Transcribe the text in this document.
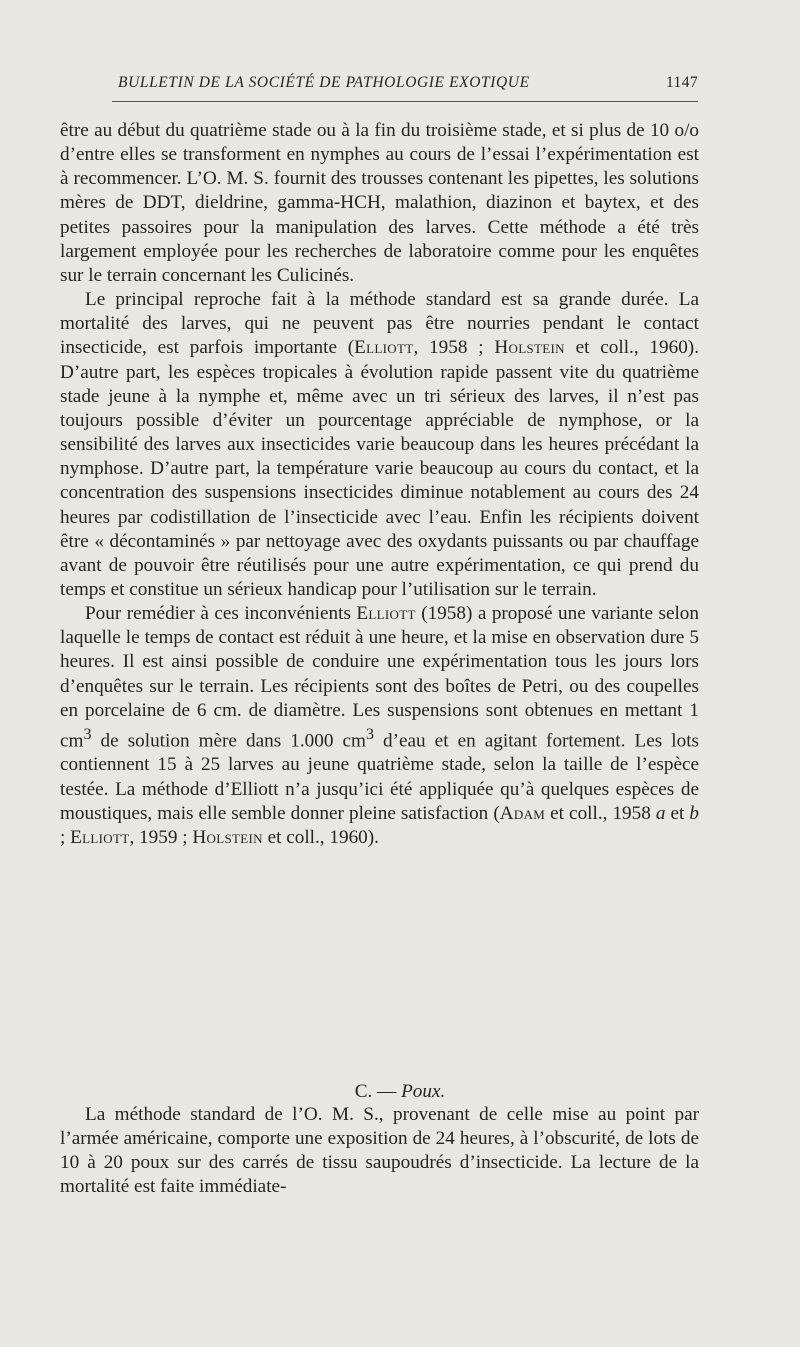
BULLETIN DE LA SOCIÉTÉ DE PATHOLOGIE EXOTIQUE	1147

être au début du quatrième stade ou à la fin du troisième stade, et si plus de 10 o/o d’entre elles se transforment en nymphes au cours de l’essai l’expérimentation est à recommencer. L’O. M. S. fournit des trousses contenant les pipettes, les solutions mères de DDT, dieldrine, gamma-HCH, malathion, diazinon et baytex, et des petites passoires pour la manipulation des larves. Cette méthode a été très largement employée pour les recherches de laboratoire comme pour les enquêtes sur le terrain concernant les Culicinés.

Le principal reproche fait à la méthode standard est sa grande durée. La mortalité des larves, qui ne peuvent pas être nourries pendant le contact insecticide, est parfois importante (Elliott, 1958 ; Holstein et coll., 1960). D’autre part, les espèces tropicales à évolution rapide passent vite du quatrième stade jeune à la nymphe et, même avec un tri sérieux des larves, il n’est pas toujours possible d’éviter un pourcentage appréciable de nymphose, or la sensibilité des larves aux insecticides varie beaucoup dans les heures précédant la nymphose. D’autre part, la température varie beaucoup au cours du contact, et la concentration des suspensions insecticides diminue notablement au cours des 24 heures par codistillation de l’insecticide avec l’eau. Enfin les récipients doivent être « décontaminés » par nettoyage avec des oxydants puissants ou par chauffage avant de pouvoir être réutilisés pour une autre expérimentation, ce qui prend du temps et constitue un sérieux handicap pour l’utilisation sur le terrain.

Pour remédier à ces inconvénients Elliott (1958) a proposé une variante selon laquelle le temps de contact est réduit à une heure, et la mise en observation dure 5 heures. Il est ainsi possible de conduire une expérimentation tous les jours lors d’enquêtes sur le terrain. Les récipients sont des boîtes de Petri, ou des coupelles en porcelaine de 6 cm. de diamètre. Les suspensions sont obtenues en mettant 1 $cm^3$ de solution mère dans 1.000 $cm^3$ d’eau et en agitant fortement. Les lots contiennent 15 à 25 larves au jeune quatrième stade, selon la taille de l’espèce testée. La méthode d’Elliott n’a jusqu’ici été appliquée qu’à quelques espèces de moustiques, mais elle semble donner pleine satisfaction (Adam et coll., 1958 a et b ; Elliott, 1959 ; Holstein et coll., 1960).

C. — Poux.

La méthode standard de l’O. M. S., provenant de celle mise au point par l’armée américaine, comporte une exposition de 24 heures, à l’obscurité, de lots de 10 à 20 poux sur des carrés de tissu saupoudrés d’insecticide. La lecture de la mortalité est faite immédiate-
